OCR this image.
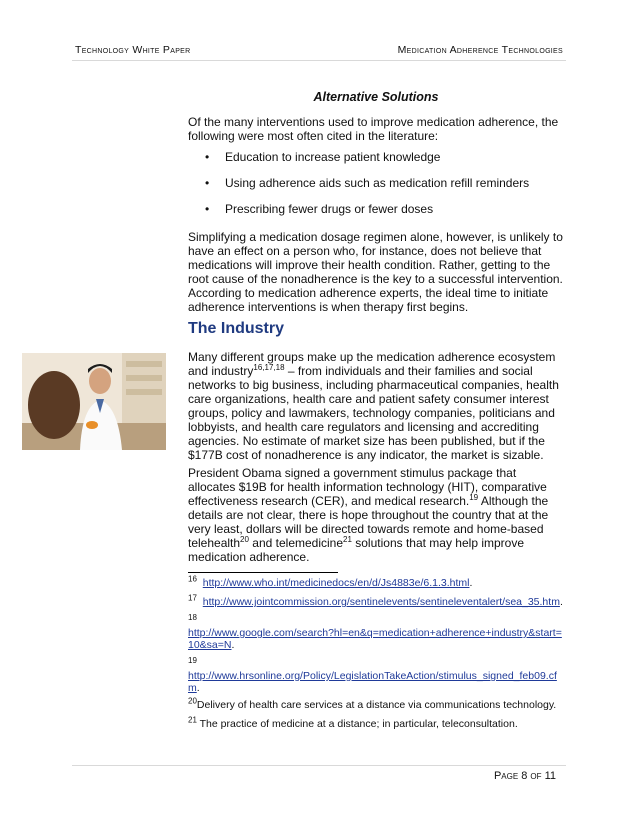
Technology White Paper	Medication Adherence Technologies
Alternative Solutions

Of the many interventions used to improve medication adherence, the following were most often cited in the literature:

• Education to increase patient knowledge
• Using adherence aids such as medication refill reminders
• Prescribing fewer drugs or fewer doses

Simplifying a medication dosage regimen alone, however, is unlikely to have an effect on a person who, for instance, does not believe that medications will improve their health condition. Rather, getting to the root cause of the nonadherence is the key to a successful intervention. According to medication adherence experts, the ideal time to initiate adherence interventions is when therapy first begins.

The Industry

Many different groups make up the medication adherence ecosystem and industry$^{16,17,18}$ – from individuals and their families and social networks to big business, including pharmaceutical companies, health care organizations, health care and patient safety consumer interest groups, policy and lawmakers, technology companies, politicians and lobbyists, and health care regulators and licensing and accrediting agencies. No estimate of market size has been published, but if the $177B cost of nonadherence is any indicator, the market is sizable.

President Obama signed a government stimulus package that allocates $19B for health information technology (HIT), comparative effectiveness research (CER), and medical research.$^{19}$ Although the details are not clear, there is hope throughout the country that at the very least, dollars will be directed towards remote and home-based telehealth$^{20}$ and telemedicine$^{21}$ solutions that may help improve medication adherence.

$^{16}$ http://www.who.int/medicinedocs/en/d/Js4883e/6.1.3.html.
$^{17}$ http://www.jointcommission.org/sentinelevents/sentineleventalert/sea_35.htm.
18
http://www.google.com/search?hl=en&q=medication+adherence+industry&start=10&sa=N.
19
http://www.hrsonline.org/Policy/LegislationTakeAction/stimulus_signed_feb09.cfm.
$^{20}$Delivery of health care services at a distance via communications technology.
$^{21}$ The practice of medicine at a distance; in particular, teleconsultation.
Page 8 of 11
